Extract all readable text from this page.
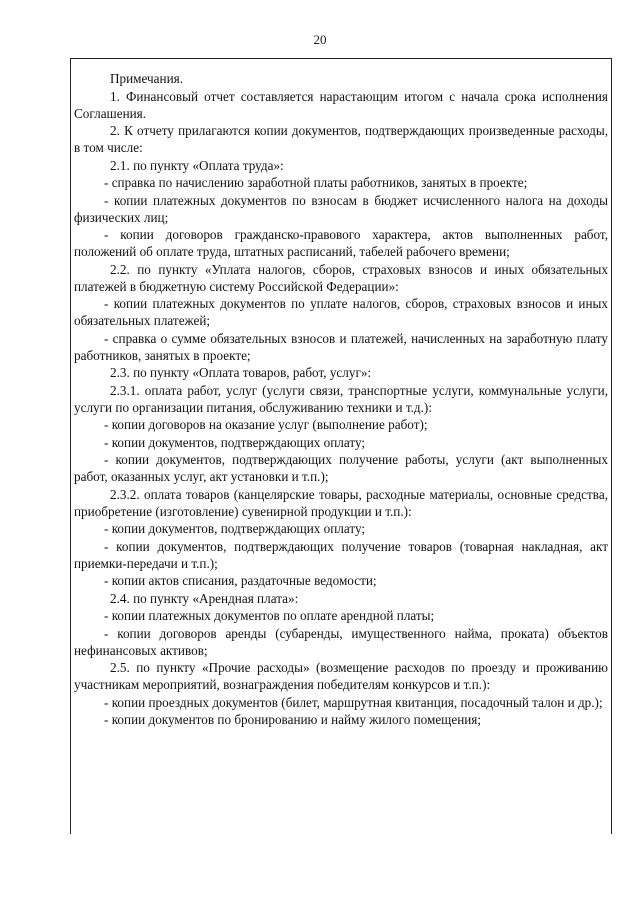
20

Примечания.

1. Финансовый отчет составляется нарастающим итогом с начала срока исполнения Соглашения.

2. К отчету прилагаются копии документов, подтверждающих произведенные расходы, в том числе:

2.1. по пункту «Оплата труда»:

- справка по начислению заработной платы работников, занятых в проекте;

- копии платежных документов по взносам в бюджет исчисленного налога на доходы физических лиц;

- копии договоров гражданско-правового характера, актов выполненных работ, положений об оплате труда, штатных расписаний, табелей рабочего времени;

2.2. по пункту «Уплата налогов, сборов, страховых взносов и иных обязательных платежей в бюджетную систему Российской Федерации»:

- копии платежных документов по уплате налогов, сборов, страховых взносов и иных обязательных платежей;

- справка о сумме обязательных взносов и платежей, начисленных на заработную плату работников, занятых в проекте;

2.3. по пункту «Оплата товаров, работ, услуг»:

2.3.1. оплата работ, услуг (услуги связи, транспортные услуги, коммунальные услуги, услуги по организации питания, обслуживанию техники и т.д.):

- копии договоров на оказание услуг (выполнение работ);

- копии документов, подтверждающих оплату;

- копии документов, подтверждающих получение работы, услуги (акт выполненных работ, оказанных услуг, акт установки и т.п.);

2.3.2. оплата товаров (канцелярские товары, расходные материалы, основные средства, приобретение (изготовление) сувенирной продукции и т.п.):

- копии документов, подтверждающих оплату;

- копии документов, подтверждающих получение товаров (товарная накладная, акт приемки-передачи и т.п.);

- копии актов списания, раздаточные ведомости;

2.4. по пункту «Арендная плата»:

- копии платежных документов по оплате арендной платы;

- копии договоров аренды (субаренды, имущественного найма, проката) объектов нефинансовых активов;

2.5. по пункту «Прочие расходы» (возмещение расходов по проезду и проживанию участникам мероприятий, вознаграждения победителям конкурсов и т.п.):

- копии проездных документов (билет, маршрутная квитанция, посадочный талон и др.);

- копии документов по бронированию и найму жилого помещения;
